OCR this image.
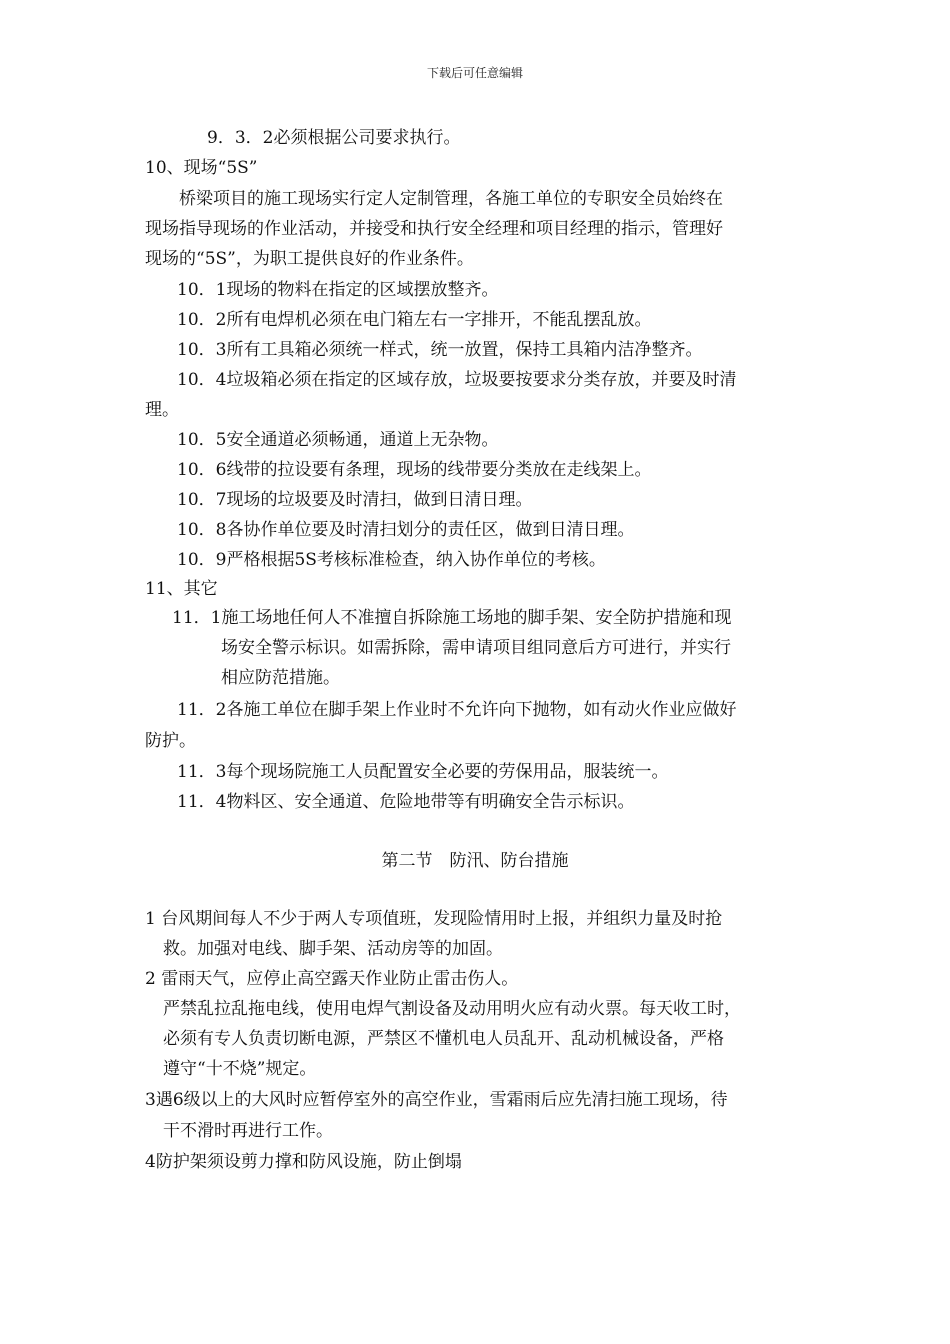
下载后可任意编辑
9．3．2必须根据公司要求执行。
10、现场“5S”
桥梁项目的施工现场实行定人定制管理，各施工单位的专职安全员始终在
现场指导现场的作业活动，并接受和执行安全经理和项目经理的指示，管理好
现场的“5S”，为职工提供良好的作业条件。
10．1现场的物料在指定的区域摆放整齐。
10．2所有电焊机必须在电门箱左右一字排开，不能乱摆乱放。
10．3所有工具箱必须统一样式，统一放置，保持工具箱内洁净整齐。
10．4垃圾箱必须在指定的区域存放，垃圾要按要求分类存放，并要及时清
理。
10．5安全通道必须畅通，通道上无杂物。
10．6线带的拉设要有条理，现场的线带要分类放在走线架上。
10．7现场的垃圾要及时清扫，做到日清日理。
10．8各协作单位要及时清扫划分的责任区，做到日清日理。
10．9严格根据5S考核标准检查，纳入协作单位的考核。
11、其它
11．1施工场地任何人不准擅自拆除施工场地的脚手架、安全防护措施和现
场安全警示标识。如需拆除，需申请项目组同意后方可进行，并实行
相应防范措施。
11．2各施工单位在脚手架上作业时不允许向下抛物，如有动火作业应做好
防护。
11．3每个现场院施工人员配置安全必要的劳保用品，服装统一。
11．4物料区、安全通道、危险地带等有明确安全告示标识。
第二节　防汛、防台措施
1 台风期间每人不少于两人专项值班，发现险情用时上报，并组织力量及时抢
救。加强对电线、脚手架、活动房等的加固。
2 雷雨天气，应停止高空露天作业防止雷击伤人。
严禁乱拉乱拖电线，使用电焊气割设备及动用明火应有动火票。每天收工时，
必须有专人负责切断电源，严禁区不懂机电人员乱开、乱动机械设备，严格
遵守“十不烧”规定。
3遇6级以上的大风时应暂停室外的高空作业，雪霜雨后应先清扫施工现场，待
干不滑时再进行工作。
4防护架须设剪力撑和防风设施，防止倒塌
